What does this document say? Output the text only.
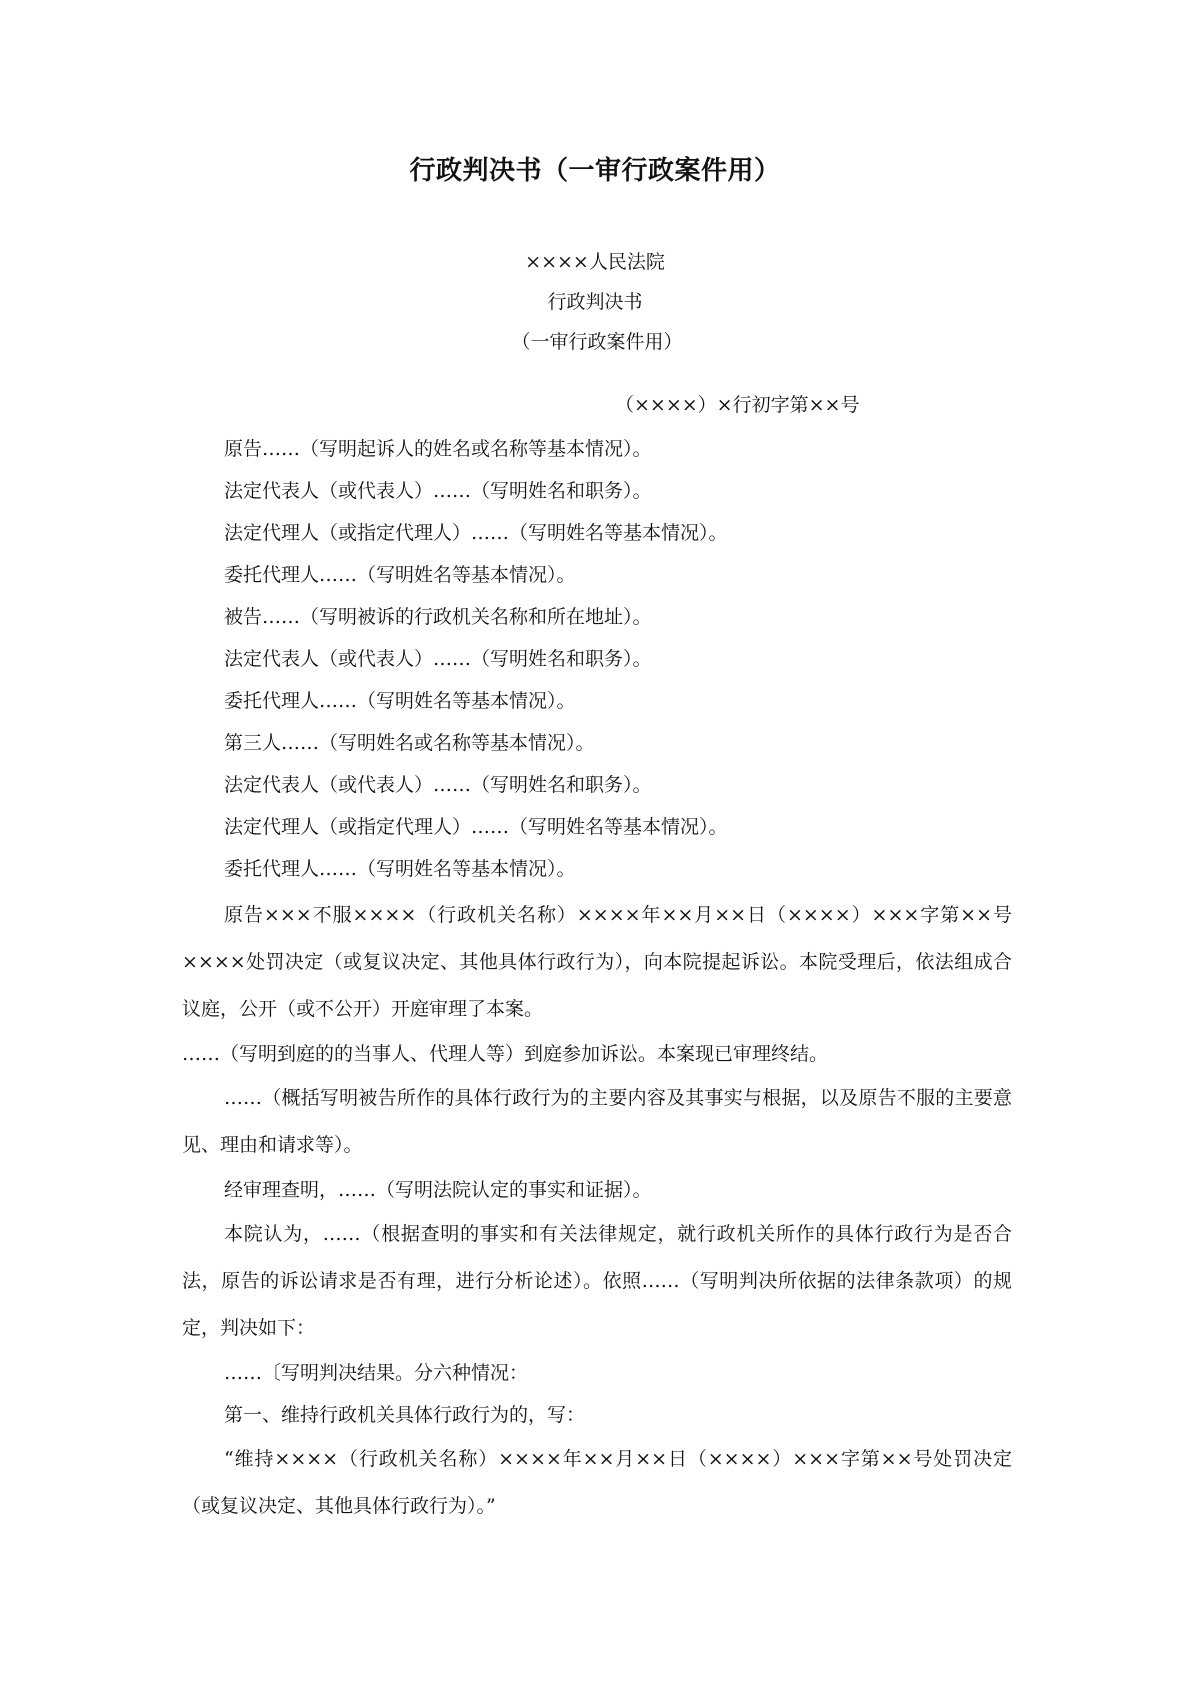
行政判决书（一审行政案件用）
××××人民法院
行政判决书
（一审行政案件用）
（××××）×行初字第××号
原告……（写明起诉人的姓名或名称等基本情况）。
法定代表人（或代表人）……（写明姓名和职务）。
法定代理人（或指定代理人）……（写明姓名等基本情况）。
委托代理人……（写明姓名等基本情况）。
被告……（写明被诉的行政机关名称和所在地址）。
法定代表人（或代表人）……（写明姓名和职务）。
委托代理人……（写明姓名等基本情况）。
第三人……（写明姓名或名称等基本情况）。
法定代表人（或代表人）……（写明姓名和职务）。
法定代理人（或指定代理人）……（写明姓名等基本情况）。
委托代理人……（写明姓名等基本情况）。

原告×××不服××××（行政机关名称）××××年××月××日（××××）×××字第××号××××处罚决定（或复议决定、其他具体行政行为），向本院提起诉讼。本院受理后，依法组成合议庭，公开（或不公开）开庭审理了本案。

……（写明到庭的的当事人、代理人等）到庭参加诉讼。本案现已审理终结。

……（概括写明被告所作的具体行政行为的主要内容及其事实与根据，以及原告不服的主要意见、理由和请求等）。

经审理查明，……（写明法院认定的事实和证据）。

本院认为，……（根据查明的事实和有关法律规定，就行政机关所作的具体行政行为是否合法，原告的诉讼请求是否有理，进行分析论述）。依照……（写明判决所依据的法律条款项）的规定，判决如下：

……〔写明判决结果。分六种情况：

第一、维持行政机关具体行政行为的，写：

“维持××××（行政机关名称）××××年××月××日（××××）×××字第××号处罚决定（或复议决定、其他具体行政行为）。”
